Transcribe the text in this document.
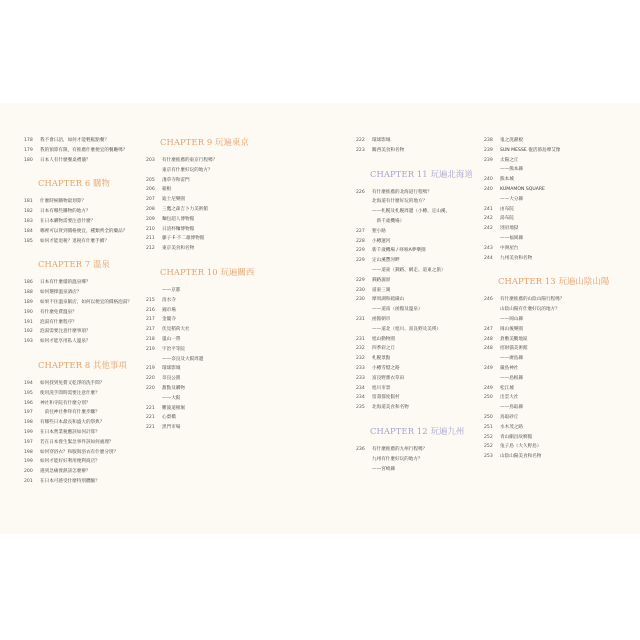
178	我不會日語，如何才能輕鬆點餐？
179	我的預算有限，有推薦什麼便宜的餐廳嗎？
180	日本人有什麼餐桌禮儀？
CHAPTER 6 購物
181	什麼時候購物最划算？
182	日本有哪些購物的地方？
183	在日本購物需要注意什麼？
184	哪裡可以買到價格便宜，種類齊全的藥品？
185	如何才能退稅？退稅有什麼手續？
CHAPTER 7 溫泉
186	日本有什麼樣的溫泉鄉？
188	如何選擇溫泉酒店？
189	如果不住溫泉飯店，如何以便宜的價格泡湯？
190	有什麼免費溫泉？
191	泡湯有什麼程序？
192	泡湯需要注意什麼事項？
193	如何才能享用私人溫泉？
CHAPTER 8 其他事項
194	如何找到免費又乾淨的洗手間？
195	使用洗手間時需要注意什麼？
196	神社和寺院有什麼分別？
197	　前往神社參拜有什麼步驟？
198	有哪些日本最長和盛大的祭典？
199	在日本營業稅應該如何計算？
197	若在日本發生緊急事件該如何處理？
198	如何穿浴衣？和服與浴衣有什麼分別？
199	如何才能好好利用便利商店？
200	遇到急痛發熱該怎麼辦？
201	在日本可感受什麼特別體驗？
CHAPTER 9 玩遍東京
203	有什麼推薦的東京行程嗎？
東京有什麼好玩的地方？
205	淺草寺和雷門
206	箱根
207	迪士尼樂園
208	三鷹之森吉卜力美術館
209	麵包超人博物館
210	日清杯麵博物館
211	藤子·F·不二雄博物館
212	東京美食和名物
CHAPTER 10 玩遍關西
——京都
215	清水寺
216	錦市場
217	金閣寺
217	伏見稻荷大社
218	嵐山一帶
219	宇治平等院
——奈良及大阪周邊
219	環球影城
220	奈良公園
220	甜點及購物
——大阪
221	難波道頓堀
221	心齋橋
221	黑門市場
222	環球影城
223	關西美食和名物
CHAPTER 11 玩遍北海道
226	有什麼推薦的北海道行程嗎？
北海道有什麼好玩的地方？
——札幌及札幌周邊（小樽、定山溪、
　新千歲機場）
227	狸小路
228	小樽運河
229	新千歲機場 / 哆啦A夢樂園
229	定山溪豐河畔
——道東（釧路、網走、道東之旅）
229	釧路濕原
230	道東三湖
230	摩周湖和硫磺山
——道南（函館及溫泉）
231	函館朝市
——道北（旭川、富良野及美瑛）
231	旭山動物園
232	四季彩之丘
232	札幌景點
233	小樽雪燈之路
233	富良野薰衣草田
234	旭川市景
234	留壽都度假村
235	北海道美食和名物
CHAPTER 12 玩遍九州
236	有什麼推薦的九州行程嗎？
九州有什麼好玩的地方？
——宮崎縣
238	鬼之洗濯板
239	SUN MESSE 復活節島摩艾像
239	太陽之丘
——熊本縣
240	熊本城
240	KUMAMON SQUARE
——大分縣
241	由布院
242	湯布院
242	別府地獄
——福岡縣
243	中洲屋台
244	九州美食和名物
CHAPTER 13 玩遍山陰山陽
246	有什麼推薦的山陰山陽行程嗎？
山陰山陽有什麼好玩的地方？
——岡山縣
247	岡山後樂園
248	倉敷美觀地區
248	招財貓美術館
——廣島縣
249	嚴島神社
——島根縣
249	松江城
250	出雲大社
——鳥取縣
250	鳥取砂丘
251	水木茂之路
252	青山剛昌故鄉館
252	兔子島（大久野島）
253	山陰山陽美食和名物
